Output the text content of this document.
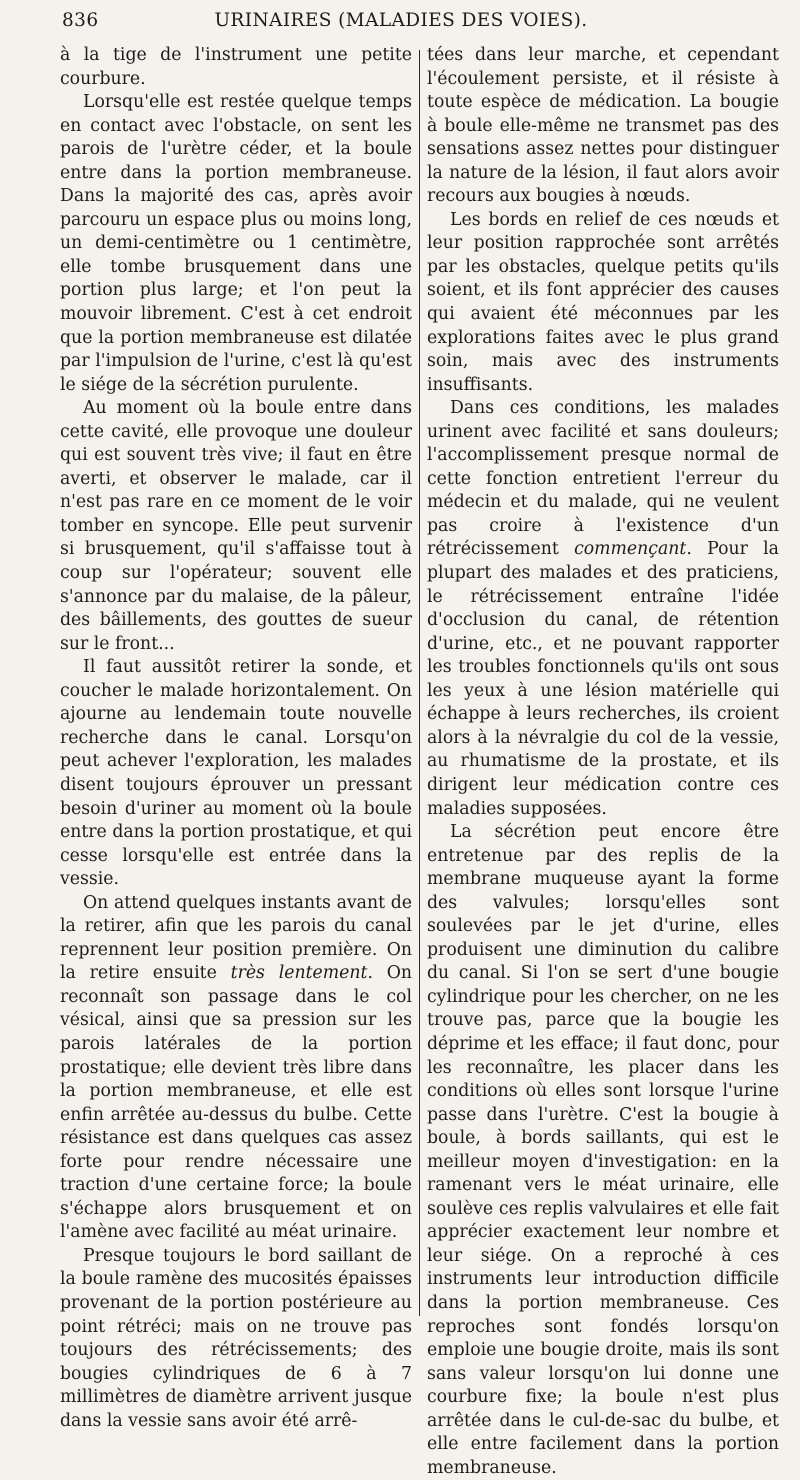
836	URINAIRES (MALADIES DES VOIES).

à la tige de l'instrument une petite courbure.

Lorsqu'elle est restée quelque temps en contact avec l'obstacle, on sent les parois de l'urètre céder, et la boule entre dans la portion membraneuse. Dans la majorité des cas, après avoir parcouru un espace plus ou moins long, un demi-centimètre ou 1 centimètre, elle tombe brusquement dans une portion plus large; et l'on peut la mouvoir librement. C'est à cet endroit que la portion membraneuse est dilatée par l'impulsion de l'urine, c'est là qu'est le siége de la sécrétion purulente.

Au moment où la boule entre dans cette cavité, elle provoque une douleur qui est souvent très vive; il faut en être averti, et observer le malade, car il n'est pas rare en ce moment de le voir tomber en syncope. Elle peut survenir si brusquement, qu'il s'affaisse tout à coup sur l'opérateur; souvent elle s'annonce par du malaise, de la pâleur, des bâillements, des gouttes de sueur sur le front...

Il faut aussitôt retirer la sonde, et coucher le malade horizontalement. On ajourne au lendemain toute nouvelle recherche dans le canal. Lorsqu'on peut achever l'exploration, les malades disent toujours éprouver un pressant besoin d'uriner au moment où la boule entre dans la portion prostatique, et qui cesse lorsqu'elle est entrée dans la vessie.

On attend quelques instants avant de la retirer, afin que les parois du canal reprennent leur position première. On la retire ensuite très lentement. On reconnaît son passage dans le col vésical, ainsi que sa pression sur les parois latérales de la portion prostatique; elle devient très libre dans la portion membraneuse, et elle est enfin arrêtée au-dessus du bulbe. Cette résistance est dans quelques cas assez forte pour rendre nécessaire une traction d'une certaine force; la boule s'échappe alors brusquement et on l'amène avec facilité au méat urinaire.

Presque toujours le bord saillant de la boule ramène des mucosités épaisses provenant de la portion postérieure au point rétréci; mais on ne trouve pas toujours des rétrécissements; des bougies cylindriques de 6 à 7 millimètres de diamètre arrivent jusque dans la vessie sans avoir été arrê-

tées dans leur marche, et cependant l'écoulement persiste, et il résiste à toute espèce de médication. La bougie à boule elle-même ne transmet pas des sensations assez nettes pour distinguer la nature de la lésion, il faut alors avoir recours aux bougies à nœuds.

Les bords en relief de ces nœuds et leur position rapprochée sont arrêtés par les obstacles, quelque petits qu'ils soient, et ils font apprécier des causes qui avaient été méconnues par les explorations faites avec le plus grand soin, mais avec des instruments insuffisants.

Dans ces conditions, les malades urinent avec facilité et sans douleurs; l'accomplissement presque normal de cette fonction entretient l'erreur du médecin et du malade, qui ne veulent pas croire à l'existence d'un rétrécissement commençant. Pour la plupart des malades et des praticiens, le rétrécissement entraîne l'idée d'occlusion du canal, de rétention d'urine, etc., et ne pouvant rapporter les troubles fonctionnels qu'ils ont sous les yeux à une lésion matérielle qui échappe à leurs recherches, ils croient alors à la névralgie du col de la vessie, au rhumatisme de la prostate, et ils dirigent leur médication contre ces maladies supposées.

La sécrétion peut encore être entretenue par des replis de la membrane muqueuse ayant la forme des valvules; lorsqu'elles sont soulevées par le jet d'urine, elles produisent une diminution du calibre du canal. Si l'on se sert d'une bougie cylindrique pour les chercher, on ne les trouve pas, parce que la bougie les déprime et les efface; il faut donc, pour les reconnaître, les placer dans les conditions où elles sont lorsque l'urine passe dans l'urètre. C'est la bougie à boule, à bords saillants, qui est le meilleur moyen d'investigation: en la ramenant vers le méat urinaire, elle soulève ces replis valvulaires et elle fait apprécier exactement leur nombre et leur siége. On a reproché à ces instruments leur introduction difficile dans la portion membraneuse. Ces reproches sont fondés lorsqu'on emploie une bougie droite, mais ils sont sans valeur lorsqu'on lui donne une courbure fixe; la boule n'est plus arrêtée dans le cul-de-sac du bulbe, et elle entre facilement dans la portion membraneuse.
